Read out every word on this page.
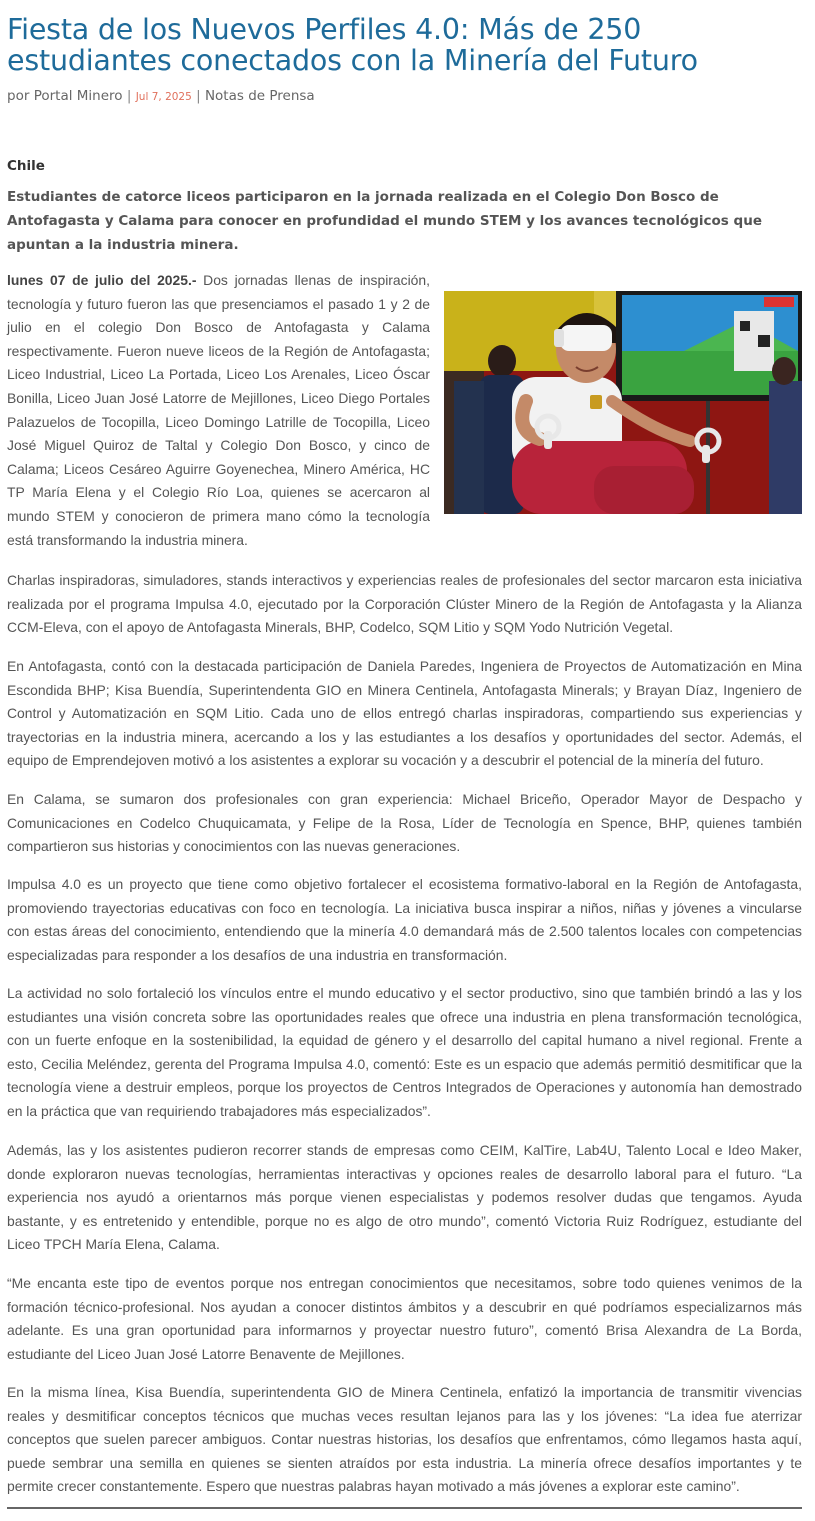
Fiesta de los Nuevos Perfiles 4.0: Más de 250 estudiantes conectados con la Minería del Futuro
por Portal Minero | Jul 7, 2025 | Notas de Prensa
Chile

Estudiantes de catorce liceos participaron en la jornada realizada en el Colegio Don Bosco de Antofagasta y Calama para conocer en profundidad el mundo STEM y los avances tecnológicos que apuntan a la industria minera.

lunes 07 de julio del 2025.- Dos jornadas llenas de inspiración, tecnología y futuro fueron las que presenciamos el pasado 1 y 2 de julio en el colegio Don Bosco de Antofagasta y Calama respectivamente. Fueron nueve liceos de la Región de Antofagasta; Liceo Industrial, Liceo La Portada, Liceo Los Arenales, Liceo Óscar Bonilla, Liceo Juan José Latorre de Mejillones, Liceo Diego Portales Palazuelos de Tocopilla, Liceo Domingo Latrille de Tocopilla, Liceo José Miguel Quiroz de Taltal y Colegio Don Bosco, y cinco de Calama; Liceos Cesáreo Aguirre Goyenechea, Minero América, HC TP María Elena y el Colegio Río Loa, quienes se acercaron al mundo STEM y conocieron de primera mano cómo la tecnología está transformando la industria minera.

Charlas inspiradoras, simuladores, stands interactivos y experiencias reales de profesionales del sector marcaron esta iniciativa realizada por el programa Impulsa 4.0, ejecutado por la Corporación Clúster Minero de la Región de Antofagasta y la Alianza CCM-Eleva, con el apoyo de Antofagasta Minerals, BHP, Codelco, SQM Litio y SQM Yodo Nutrición Vegetal.

En Antofagasta, contó con la destacada participación de Daniela Paredes, Ingeniera de Proyectos de Automatización en Mina Escondida BHP; Kisa Buendía, Superintendenta GIO en Minera Centinela, Antofagasta Minerals; y Brayan Díaz, Ingeniero de Control y Automatización en SQM Litio. Cada uno de ellos entregó charlas inspiradoras, compartiendo sus experiencias y trayectorias en la industria minera, acercando a los y las estudiantes a los desafíos y oportunidades del sector. Además, el equipo de Emprendejoven motivó a los asistentes a explorar su vocación y a descubrir el potencial de la minería del futuro.

En Calama, se sumaron dos profesionales con gran experiencia: Michael Briceño, Operador Mayor de Despacho y Comunicaciones en Codelco Chuquicamata, y Felipe de la Rosa, Líder de Tecnología en Spence, BHP, quienes también compartieron sus historias y conocimientos con las nuevas generaciones.

Impulsa 4.0 es un proyecto que tiene como objetivo fortalecer el ecosistema formativo-laboral en la Región de Antofagasta, promoviendo trayectorias educativas con foco en tecnología. La iniciativa busca inspirar a niños, niñas y jóvenes a vincularse con estas áreas del conocimiento, entendiendo que la minería 4.0 demandará más de 2.500 talentos locales con competencias especializadas para responder a los desafíos de una industria en transformación.

La actividad no solo fortaleció los vínculos entre el mundo educativo y el sector productivo, sino que también brindó a las y los estudiantes una visión concreta sobre las oportunidades reales que ofrece una industria en plena transformación tecnológica, con un fuerte enfoque en la sostenibilidad, la equidad de género y el desarrollo del capital humano a nivel regional. Frente a esto, Cecilia Meléndez, gerenta del Programa Impulsa 4.0, comentó: Este es un espacio que además permitió desmitificar que la tecnología viene a destruir empleos, porque los proyectos de Centros Integrados de Operaciones y autonomía han demostrado en la práctica que van requiriendo trabajadores más especializados”.

Además, las y los asistentes pudieron recorrer stands de empresas como CEIM, KalTire, Lab4U, Talento Local e Ideo Maker, donde exploraron nuevas tecnologías, herramientas interactivas y opciones reales de desarrollo laboral para el futuro. “La experiencia nos ayudó a orientarnos más porque vienen especialistas y podemos resolver dudas que tengamos. Ayuda bastante, y es entretenido y entendible, porque no es algo de otro mundo”, comentó Victoria Ruiz Rodríguez, estudiante del Liceo TPCH María Elena, Calama.

“Me encanta este tipo de eventos porque nos entregan conocimientos que necesitamos, sobre todo quienes venimos de la formación técnico-profesional. Nos ayudan a conocer distintos ámbitos y a descubrir en qué podríamos especializarnos más adelante. Es una gran oportunidad para informarnos y proyectar nuestro futuro”, comentó Brisa Alexandra de La Borda, estudiante del Liceo Juan José Latorre Benavente de Mejillones.

En la misma línea, Kisa Buendía, superintendenta GIO de Minera Centinela, enfatizó la importancia de transmitir vivencias reales y desmitificar conceptos técnicos que muchas veces resultan lejanos para las y los jóvenes: “La idea fue aterrizar conceptos que suelen parecer ambiguos. Contar nuestras historias, los desafíos que enfrentamos, cómo llegamos hasta aquí, puede sembrar una semilla en quienes se sienten atraídos por esta industria. La minería ofrece desafíos importantes y te permite crecer constantemente. Espero que nuestras palabras hayan motivado a más jóvenes a explorar este camino”.
